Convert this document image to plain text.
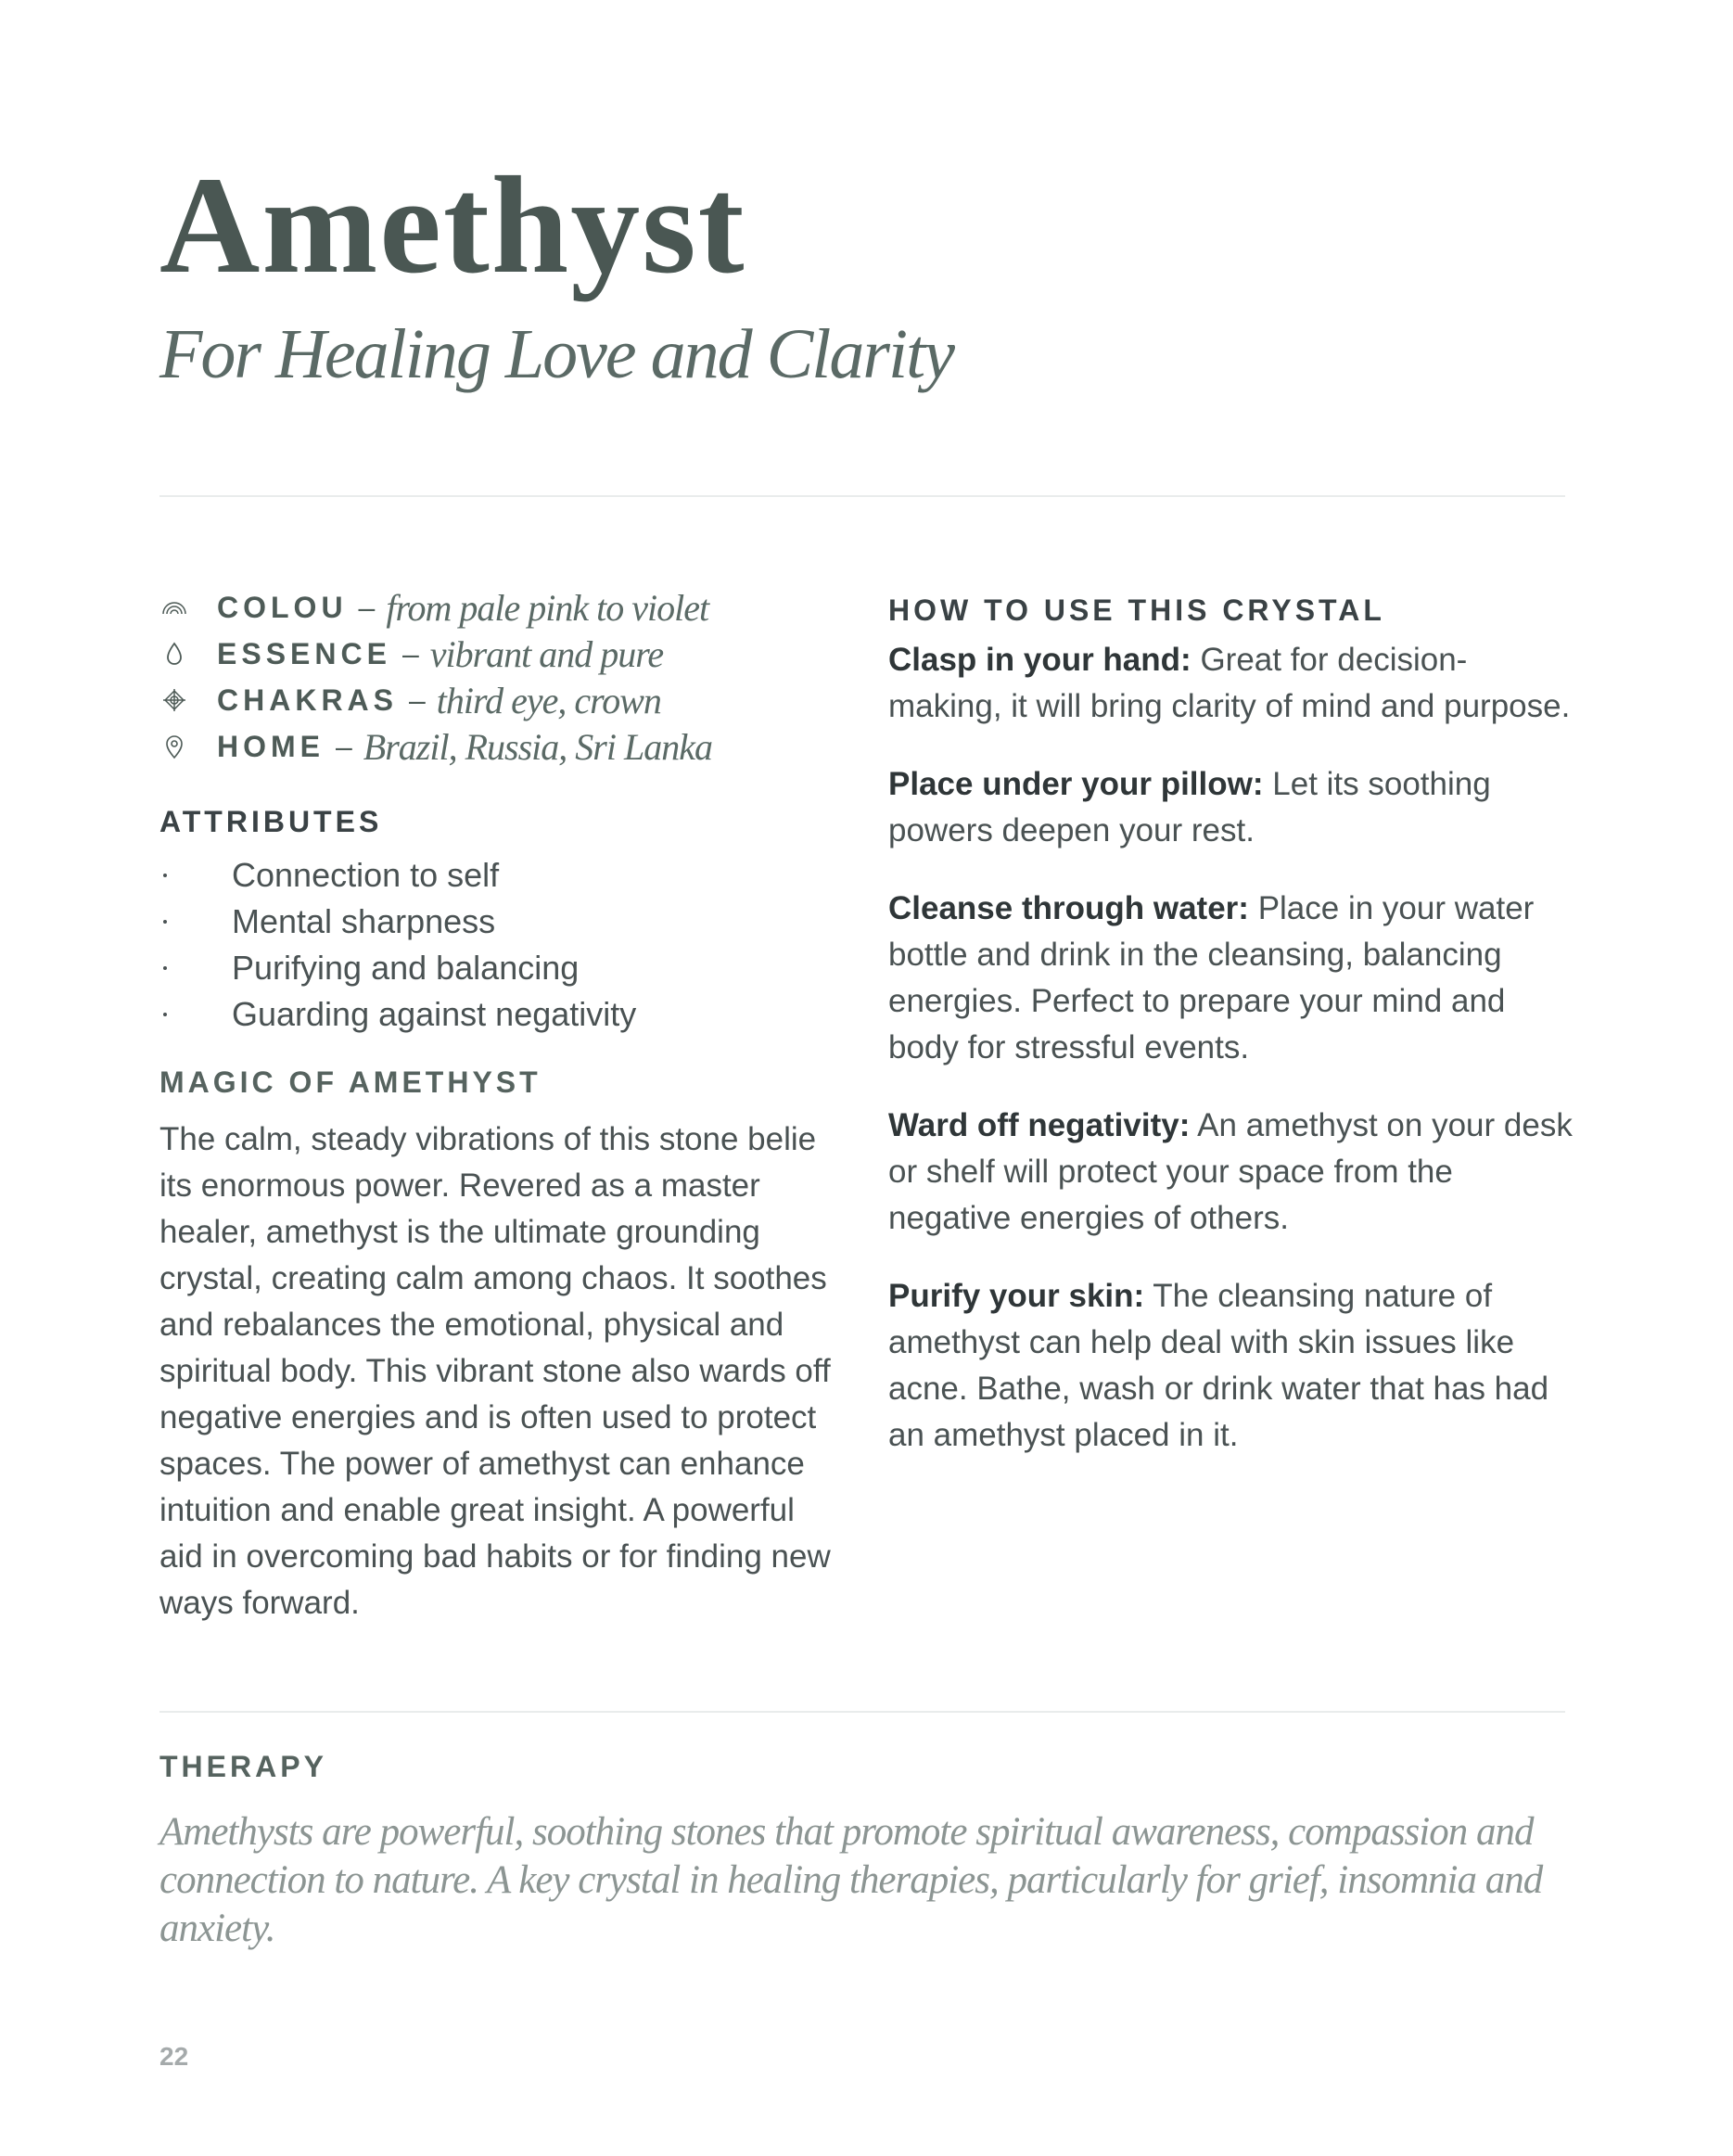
Amethyst
For Healing Love and Clarity
COLOU – from pale pink to violet
ESSENCE – vibrant and pure
CHAKRAS – third eye, crown
HOME – Brazil, Russia, Sri Lanka
ATTRIBUTES
Connection to self
Mental sharpness
Purifying and balancing
Guarding against negativity
MAGIC OF AMETHYST

The calm, steady vibrations of this stone belie its enormous power. Revered as a master healer, amethyst is the ultimate grounding crystal, creating calm among chaos. It soothes and rebalances the emotional, physical and spiritual body. This vibrant stone also wards off negative energies and is often used to protect spaces. The power of amethyst can enhance intuition and enable great insight. A powerful aid in overcoming bad habits or for finding new ways forward.

HOW TO USE THIS CRYSTAL

Clasp in your hand: Great for decision-making, it will bring clarity of mind and purpose.

Place under your pillow: Let its soothing powers deepen your rest.

Cleanse through water: Place in your water bottle and drink in the cleansing, balancing energies. Perfect to prepare your mind and body for stressful events.

Ward off negativity: An amethyst on your desk or shelf will protect your space from the negative energies of others.

Purify your skin: The cleansing nature of amethyst can help deal with skin issues like acne. Bathe, wash or drink water that has had an amethyst placed in it.

THERAPY

Amethysts are powerful, soothing stones that promote spiritual awareness, compassion and connection to nature. A key crystal in healing therapies, particularly for grief, insomnia and anxiety.

22
